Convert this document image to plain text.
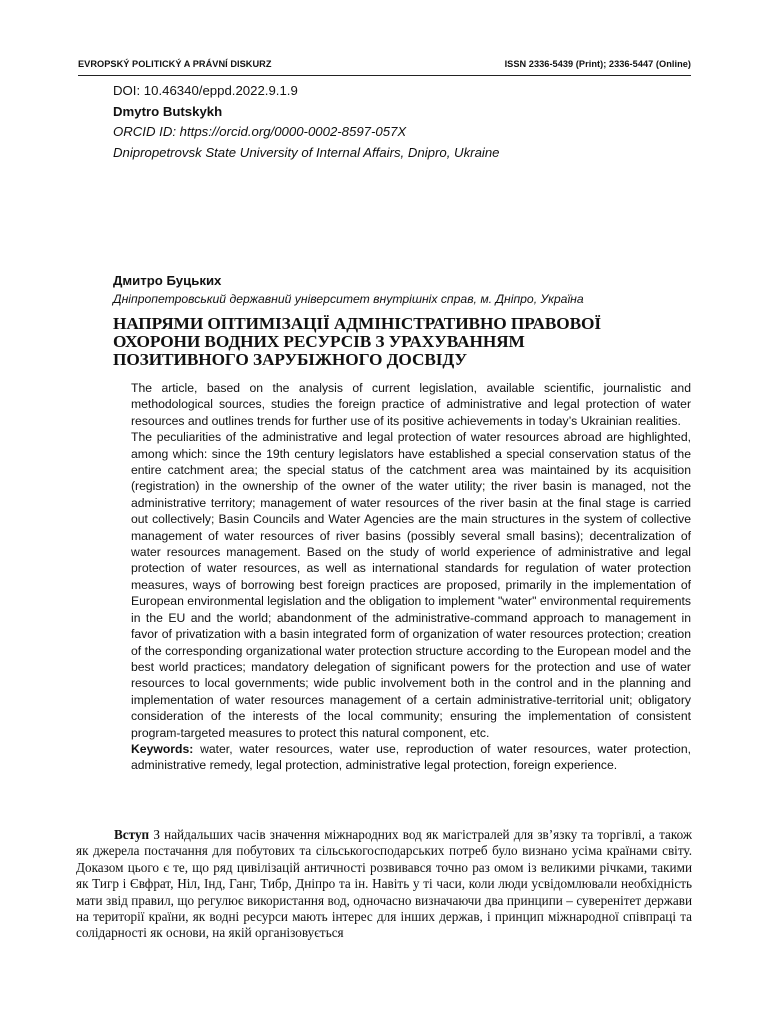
EVROPSKÝ POLITICKÝ A PRÁVNÍ DISKURZ	ISSN 2336-5439 (Print); 2336-5447 (Online)
DOI: 10.46340/eppd.2022.9.1.9
Dmytro Butskykh
ORCID ID: https://orcid.org/0000-0002-8597-057X
Dnipropetrovsk State University of Internal Affairs, Dnipro, Ukraine
Дмитро Буцьких
Дніпропетровський державний університет внутрішніх справ, м. Дніпро, Україна
НАПРЯМИ ОПТИМІЗАЦІЇ АДМІНІСТРАТИВНО ПРАВОВОЇ
ОХОРОНИ ВОДНИХ РЕСУРСІВ З УРАХУВАННЯМ
ПОЗИТИВНОГО ЗАРУБІЖНОГО ДОСВІДУ

The article, based on the analysis of current legislation, available scientific, journalistic and methodological sources, studies the foreign practice of administrative and legal protection of water resources and outlines trends for further use of its positive achievements in today’s Ukrainian realities.

The peculiarities of the administrative and legal protection of water resources abroad are highlighted, among which: since the 19th century legislators have established a special conservation status of the entire catchment area; the special status of the catchment area was maintained by its acquisition (registration) in the ownership of the owner of the water utility; the river basin is managed, not the administrative territory; management of water resources of the river basin at the final stage is carried out collectively; Basin Councils and Water Agencies are the main structures in the system of collective management of water resources of river basins (possibly several small basins); decentralization of water resources management. Based on the study of world experience of administrative and legal protection of water resources, as well as international standards for regulation of water protection measures, ways of borrowing best foreign practices are proposed, primarily in the implementation of European environmental legislation and the obligation to implement "water" environmental requirements in the EU and the world; abandonment of the administrative-command approach to management in favor of privatization with a basin integrated form of organization of water resources protection; creation of the corresponding organizational water protection structure according to the European model and the best world practices; mandatory delegation of significant powers for the protection and use of water resources to local governments; wide public involvement both in the control and in the planning and implementation of water resources management of a certain administrative-territorial unit; obligatory consideration of the interests of the local community; ensuring the implementation of consistent program-targeted measures to protect this natural component, etc.

Keywords: water, water resources, water use, reproduction of water resources, water protection, administrative remedy, legal protection, administrative legal protection, foreign experience.

Вступ З найдальших часів значення міжнародних вод як магістралей для зв’язку та торгівлі, а також як джерела постачання для побутових та сільськогосподарських потреб було визнано усіма країнами світу. Доказом цього є те, що ряд цивілізацій античності розвивався точно раз омом із великими річками, такими як Тигр і Євфрат, Ніл, Інд, Ганг, Тибр, Дніпро та ін. Навіть у ті часи, коли люди усвідомлювали необхідність мати звід правил, що регулює використання вод, одночасно визначаючи два принципи – суверенітет держави на території країни, як водні ресурси мають інтерес для інших держав, і принцип міжнародної співпраці та солідарності як основи, на якій організовується
